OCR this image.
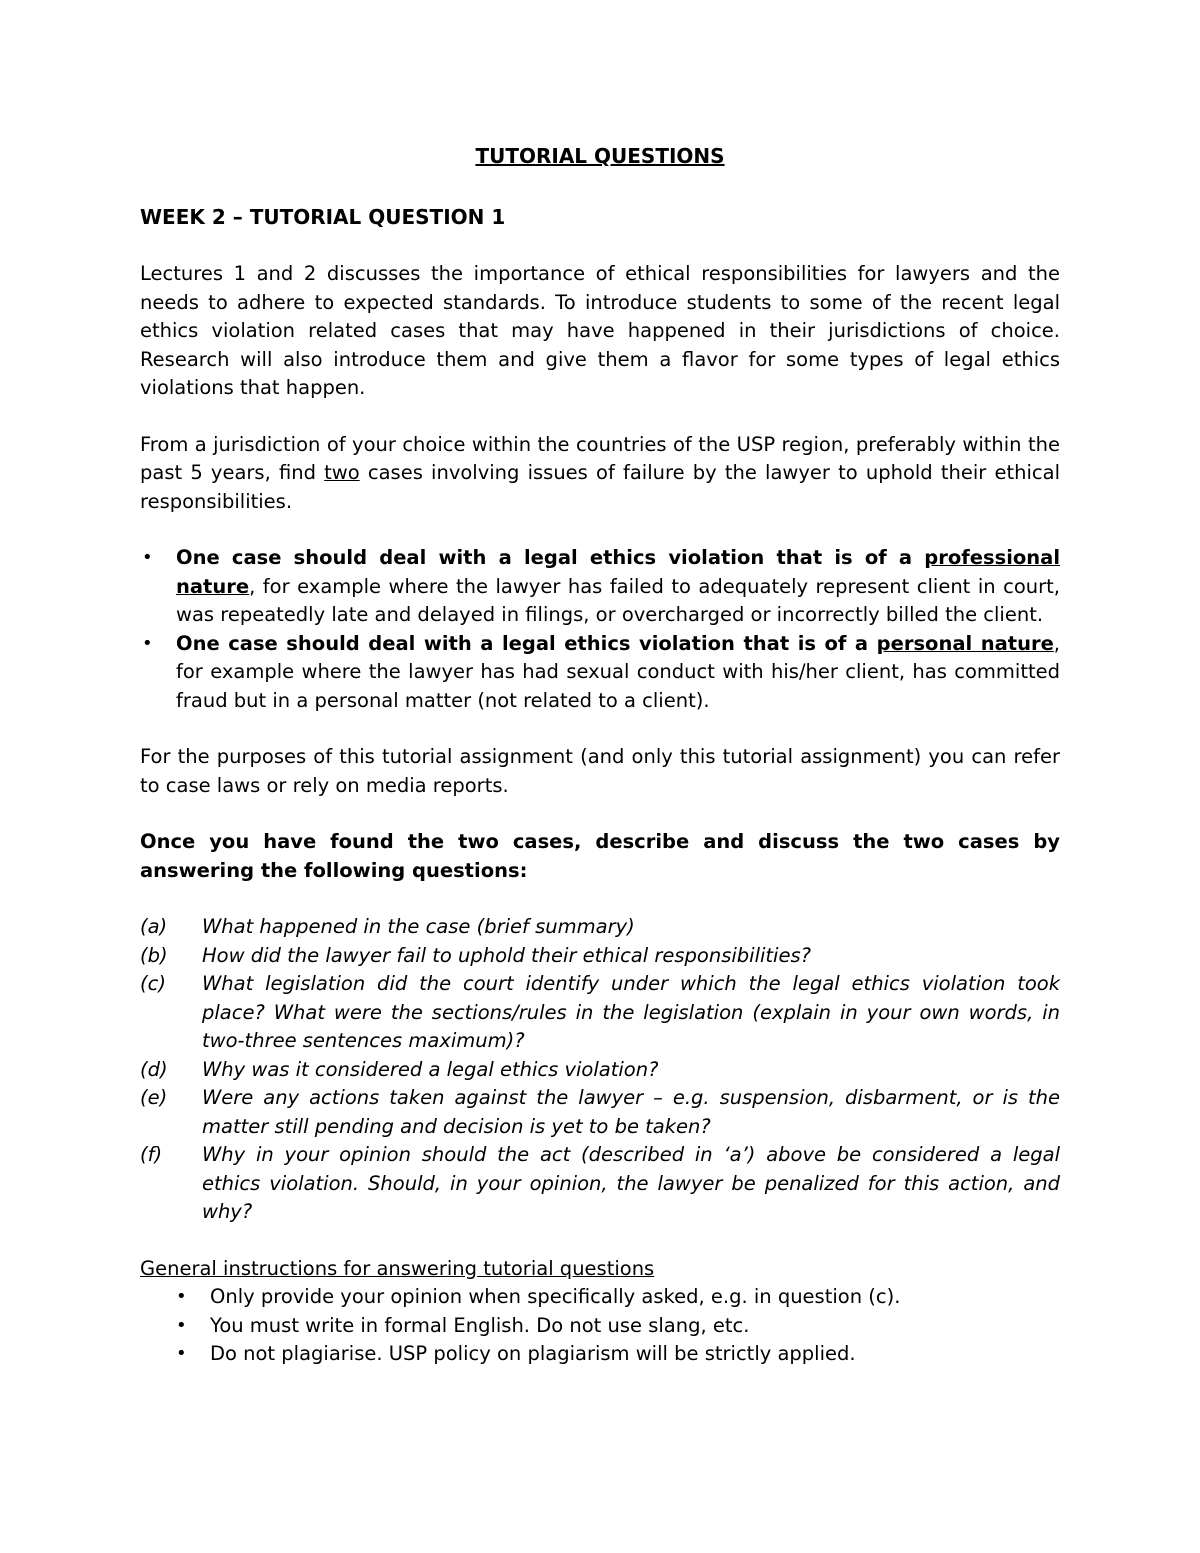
TUTORIAL QUESTIONS
WEEK 2 – TUTORIAL QUESTION 1

Lectures 1 and 2 discusses the importance of ethical responsibilities for lawyers and the needs to adhere to expected standards. To introduce students to some of the recent legal ethics violation related cases that may have happened in their jurisdictions of choice. Research will also introduce them and give them a flavor for some types of legal ethics violations that happen.

From a jurisdiction of your choice within the countries of the USP region, preferably within the past 5 years, find two cases involving issues of failure by the lawyer to uphold their ethical responsibilities.

• One case should deal with a legal ethics violation that is of a professional nature, for example where the lawyer has failed to adequately represent client in court, was repeatedly late and delayed in filings, or overcharged or incorrectly billed the client.
• One case should deal with a legal ethics violation that is of a personal nature, for example where the lawyer has had sexual conduct with his/her client, has committed fraud but in a personal matter (not related to a client).

For the purposes of this tutorial assignment (and only this tutorial assignment) you can refer to case laws or rely on media reports.

Once you have found the two cases, describe and discuss the two cases by answering the following questions:
(a) What happened in the case (brief summary)
(b) How did the lawyer fail to uphold their ethical responsibilities?
(c) What legislation did the court identify under which the legal ethics violation took place? What were the sections/rules in the legislation (explain in your own words, in two-three sentences maximum)?
(d) Why was it considered a legal ethics violation?
(e) Were any actions taken against the lawyer – e.g. suspension, disbarment, or is the matter still pending and decision is yet to be taken?
(f) Why in your opinion should the act (described in ‘a’) above be considered a legal ethics violation. Should, in your opinion, the lawyer be penalized for this action, and why?
General instructions for answering tutorial questions
• Only provide your opinion when specifically asked, e.g. in question (c).
• You must write in formal English. Do not use slang, etc.
• Do not plagiarise. USP policy on plagiarism will be strictly applied.
